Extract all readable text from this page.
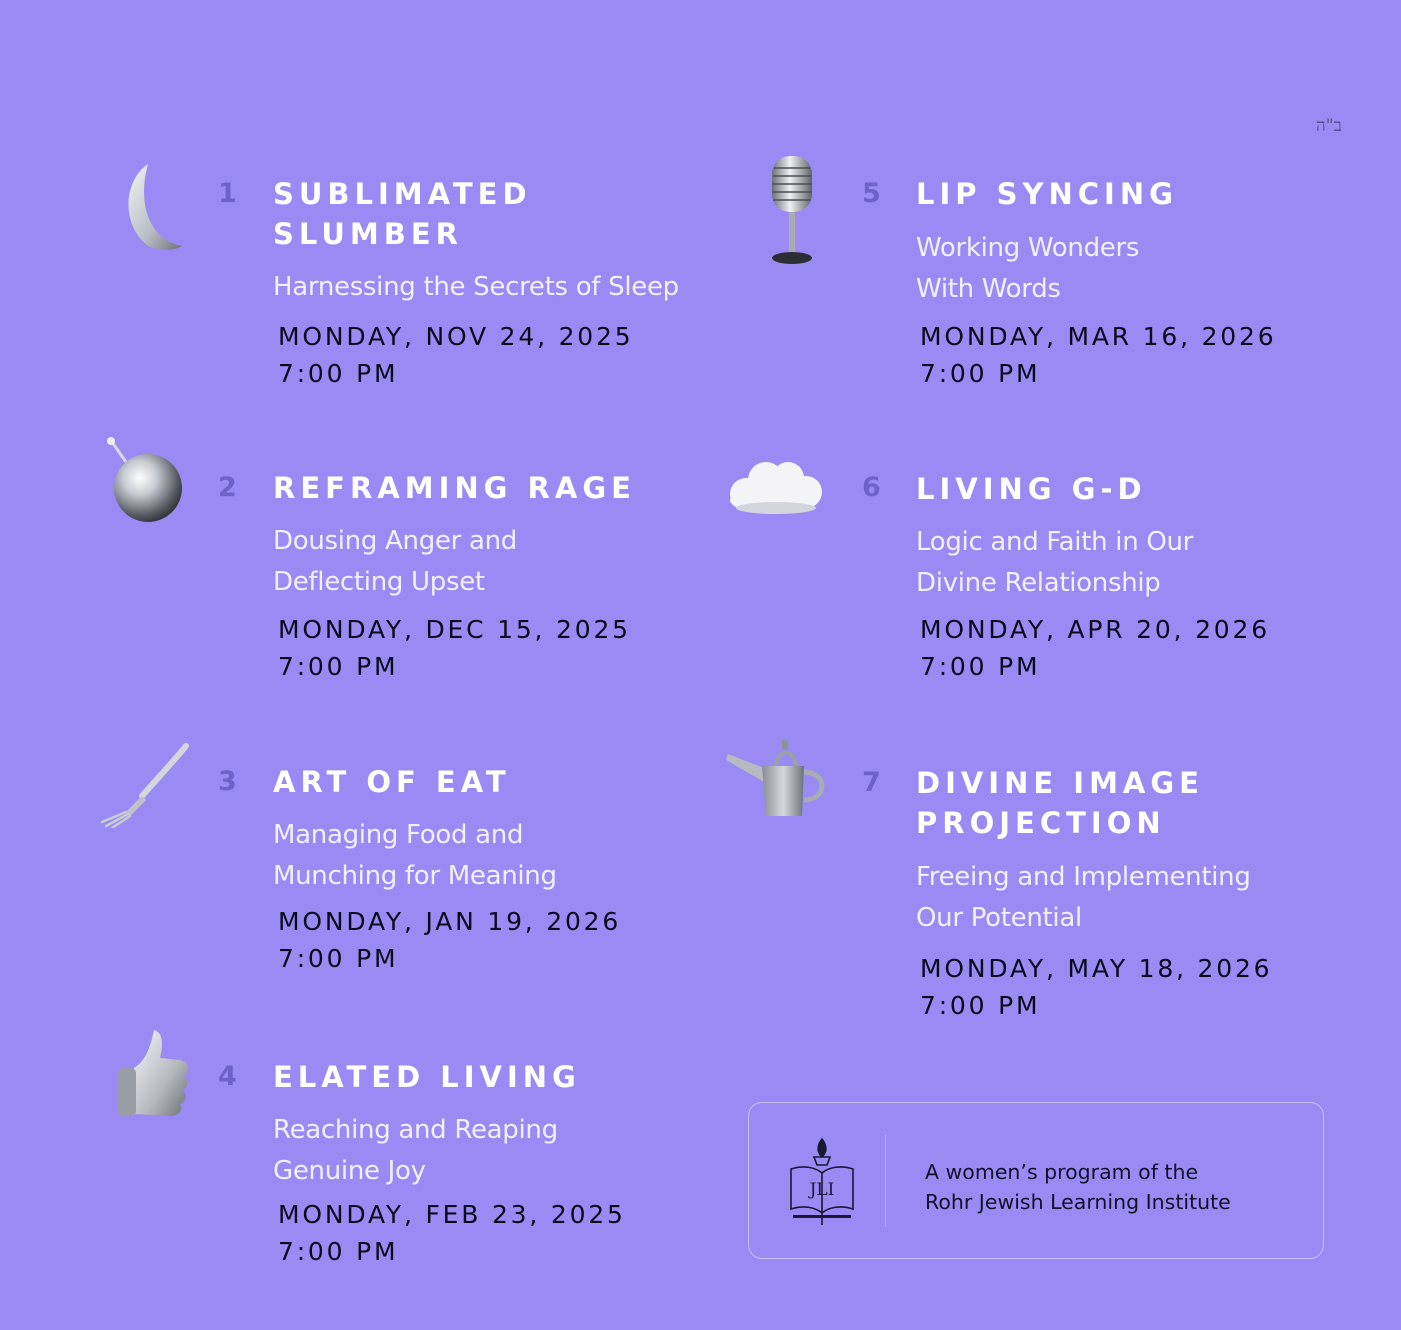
ב"ה
1 SUBLIMATED
SLUMBER
Harnessing the Secrets of Sleep
MONDAY, NOV 24, 2025
7:00 PM
2 REFRAMING RAGE
Dousing Anger and
Deflecting Upset
MONDAY, DEC 15, 2025
7:00 PM
3 ART OF EAT
Managing Food and
Munching for Meaning
MONDAY, JAN 19, 2026
7:00 PM
4 ELATED LIVING
Reaching and Reaping
Genuine Joy
MONDAY, FEB 23, 2025
7:00 PM
5 LIP SYNCING
Working Wonders
With Words
MONDAY, MAR 16, 2026
7:00 PM
6 LIVING G-D
Logic and Faith in Our
Divine Relationship
MONDAY, APR 20, 2026
7:00 PM
7 DIVINE IMAGE
PROJECTION
Freeing and Implementing
Our Potential
MONDAY, MAY 18, 2026
7:00 PM
JLI
A women’s program of the
Rohr Jewish Learning Institute
